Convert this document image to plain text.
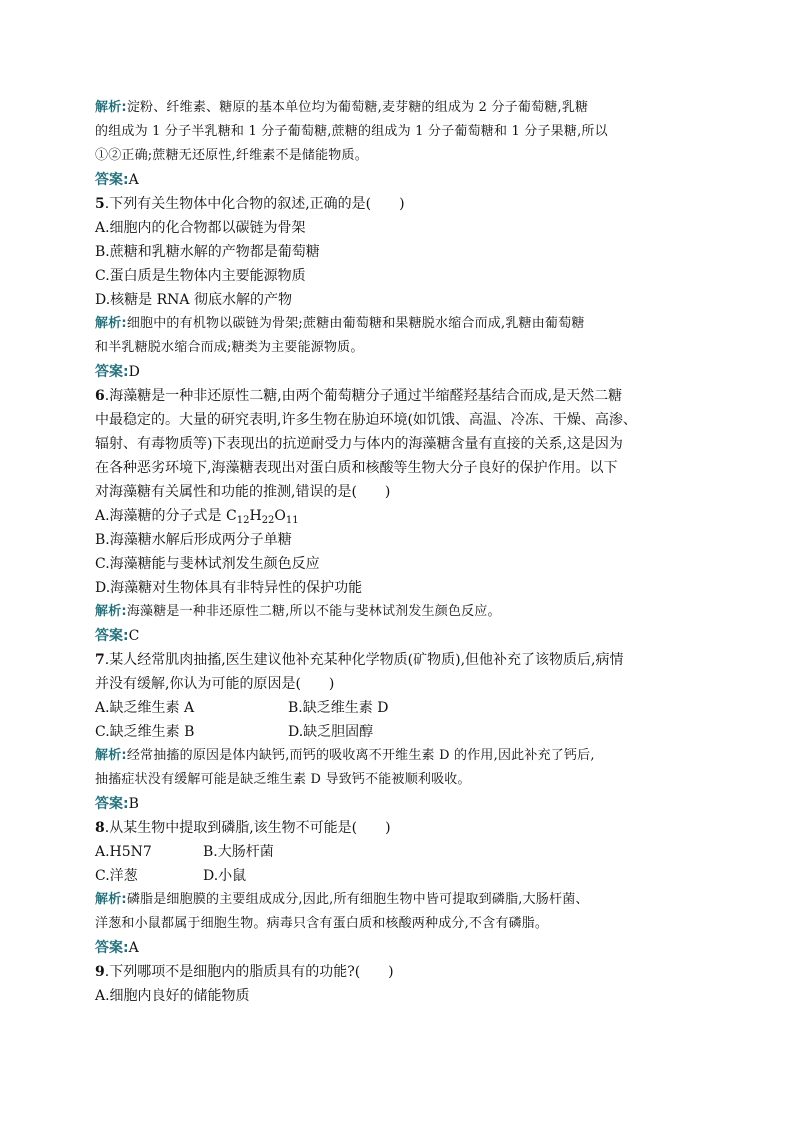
解析:淀粉、纤维素、糖原的基本单位均为葡萄糖,麦芽糖的组成为 2 分子葡萄糖,乳糖

的组成为 1 分子半乳糖和 1 分子葡萄糖,蔗糖的组成为 1 分子葡萄糖和 1 分子果糖,所以

①②正确;蔗糖无还原性,纤维素不是储能物质。

答案:A

5.下列有关生物体中化合物的叙述,正确的是(　　)

A.细胞内的化合物都以碳链为骨架

B.蔗糖和乳糖水解的产物都是葡萄糖

C.蛋白质是生物体内主要能源物质

D.核糖是 RNA 彻底水解的产物

解析:细胞中的有机物以碳链为骨架;蔗糖由葡萄糖和果糖脱水缩合而成,乳糖由葡萄糖

和半乳糖脱水缩合而成;糖类为主要能源物质。

答案:D

6.海藻糖是一种非还原性二糖,由两个葡萄糖分子通过半缩醛羟基结合而成,是天然二糖

中最稳定的。大量的研究表明,许多生物在胁迫环境(如饥饿、高温、冷冻、干燥、高渗、

辐射、有毒物质等)下表现出的抗逆耐受力与体内的海藻糖含量有直接的关系,这是因为

在各种恶劣环境下,海藻糖表现出对蛋白质和核酸等生物大分子良好的保护作用。以下

对海藻糖有关属性和功能的推测,错误的是(　　)

A.海藻糖的分子式是 $C_{12}H_{22}O_{11}$

B.海藻糖水解后形成两分子单糖

C.海藻糖能与斐林试剂发生颜色反应

D.海藻糖对生物体具有非特异性的保护功能

解析:海藻糖是一种非还原性二糖,所以不能与斐林试剂发生颜色反应。

答案:C

7.某人经常肌肉抽搐,医生建议他补充某种化学物质(矿物质),但他补充了该物质后,病情

并没有缓解,你认为可能的原因是(　　)

A.缺乏维生素 A	B.缺乏维生素 D
C.缺乏维生素 B	D.缺乏胆固醇

解析:经常抽搐的原因是体内缺钙,而钙的吸收离不开维生素 D 的作用,因此补充了钙后,

抽搐症状没有缓解可能是缺乏维生素 D 导致钙不能被顺利吸收。

答案:B

8.从某生物中提取到磷脂,该生物不可能是(　　)

A.H5N7	B.大肠杆菌
C.洋葱	D.小鼠

解析:磷脂是细胞膜的主要组成成分,因此,所有细胞生物中皆可提取到磷脂,大肠杆菌、

洋葱和小鼠都属于细胞生物。病毒只含有蛋白质和核酸两种成分,不含有磷脂。

答案:A

9.下列哪项不是细胞内的脂质具有的功能?(　　)

A.细胞内良好的储能物质
